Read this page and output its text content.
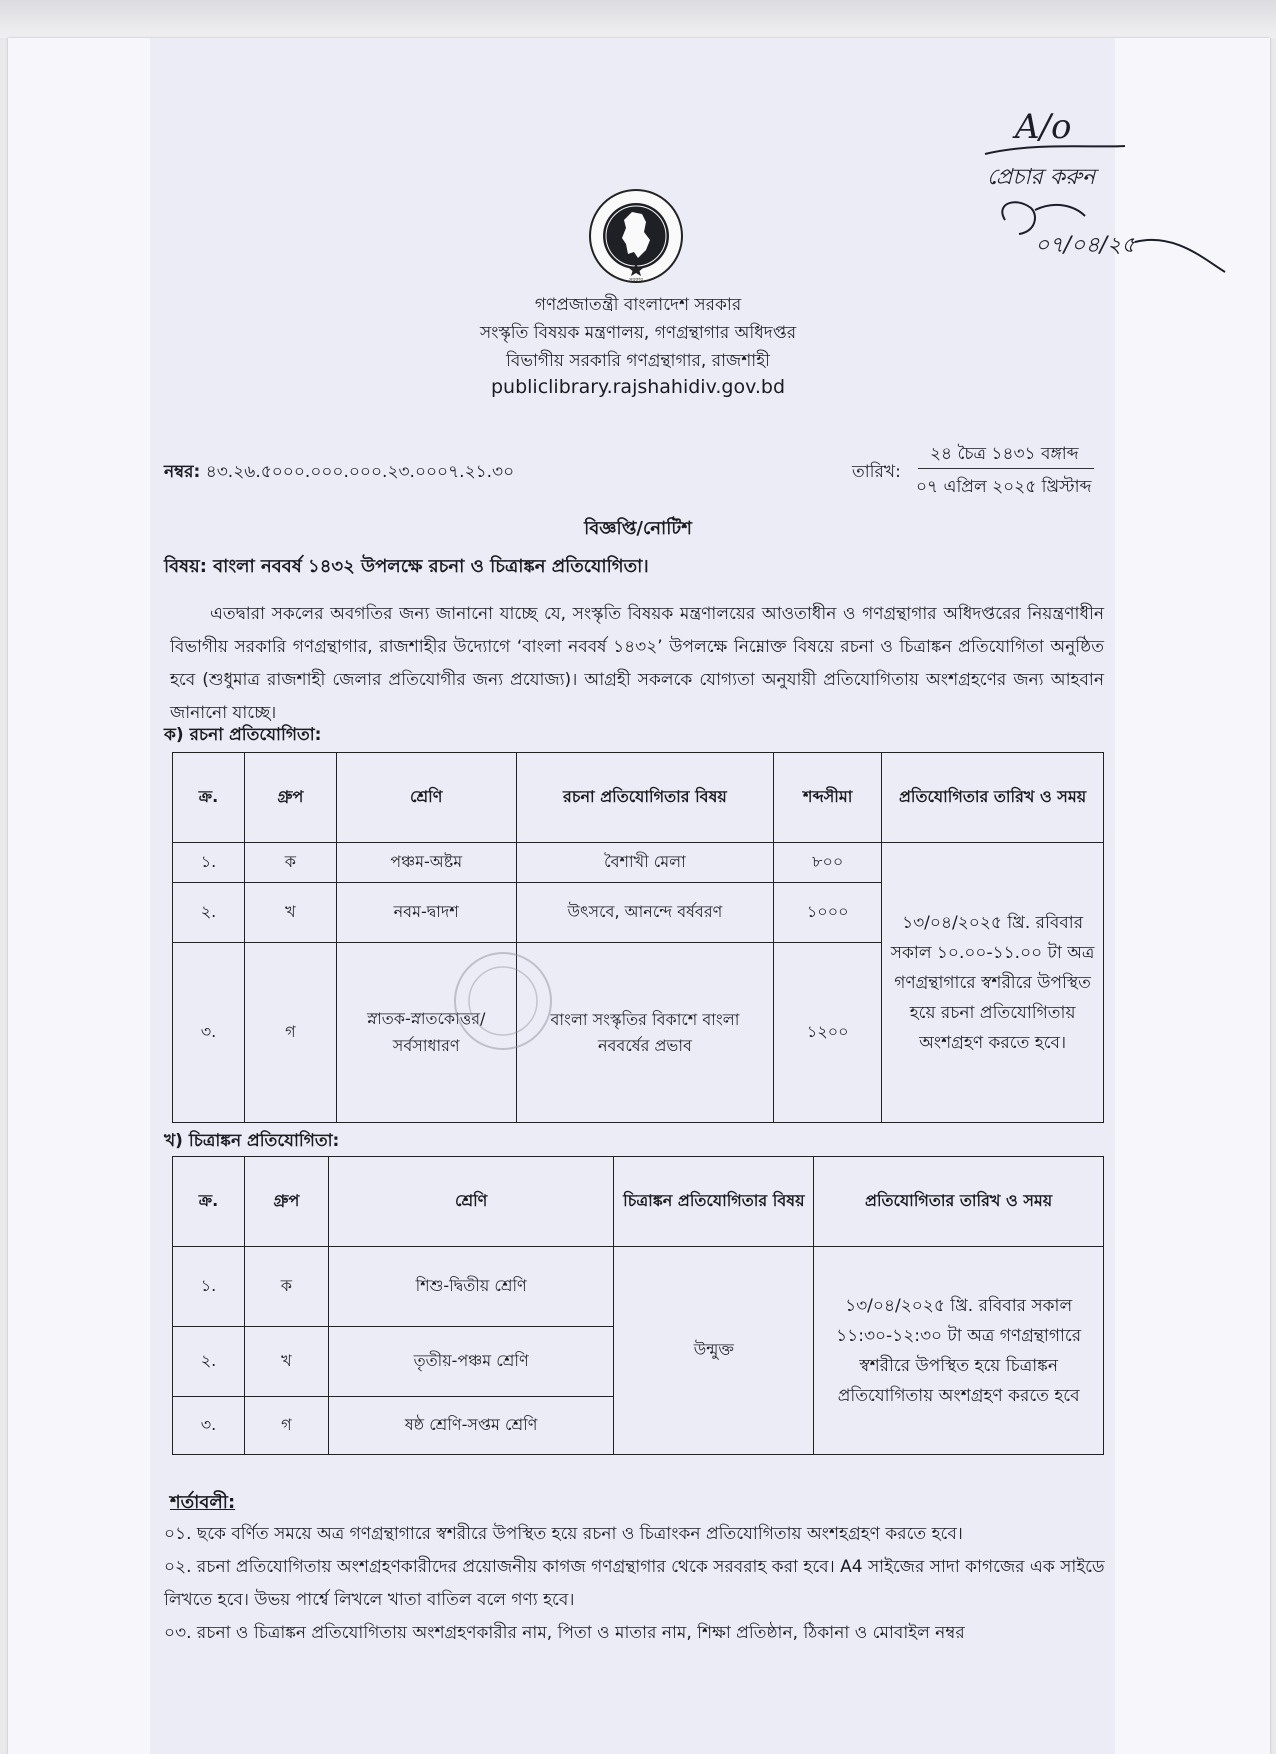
সরকার
গণপ্রজাতন্ত্রী বাংলাদেশ সরকার
সংস্কৃতি বিষয়ক মন্ত্রণালয়, গণগ্রন্থাগার অধিদপ্তর
বিভাগীয় সরকারি গণগ্রন্থাগার, রাজশাহী
publiclibrary.rajshahidiv.gov.bd
নম্বর: ৪৩.২৬.৫০০০.০০০.০০০.২৩.০০০৭.২১.৩০	তারিখ:
২৪ চৈত্র ১৪৩১ বঙ্গাব্দ
০৭ এপ্রিল ২০২৫ খ্রিস্টাব্দ
বিজ্ঞপ্তি/নোটিশ
বিষয়: বাংলা নববর্ষ ১৪৩২ উপলক্ষে রচনা ও চিত্রাঙ্কন প্রতিযোগিতা।
এতদ্বারা সকলের অবগতির জন্য জানানো যাচ্ছে যে, সংস্কৃতি বিষয়ক মন্ত্রণালয়ের আওতাধীন ও গণগ্রন্থাগার অধিদপ্তরের নিয়ন্ত্রণাধীন বিভাগীয় সরকারি গণগ্রন্থাগার, রাজশাহীর উদ্যোগে ‘বাংলা নববর্ষ ১৪৩২’ উপলক্ষে নিম্নোক্ত বিষয়ে রচনা ও চিত্রাঙ্কন প্রতিযোগিতা অনুষ্ঠিত হবে (শুধুমাত্র রাজশাহী জেলার প্রতিযোগীর জন্য প্রযোজ্য)। আগ্রহী সকলকে যোগ্যতা অনুযায়ী প্রতিযোগিতায় অংশগ্রহণের জন্য আহবান জানানো যাচ্ছে।
ক) রচনা প্রতিযোগিতা:
ক্র.	গ্রুপ	শ্রেণি	রচনা প্রতিযোগিতার বিষয়	শব্দসীমা	প্রতিযোগিতার তারিখ ও সময়
১.	ক	পঞ্চম-অষ্টম	বৈশাখী মেলা	৮০০	১৩/০৪/২০২৫ খ্রি. রবিবার সকাল ১০.০০-১১.০০ টা অত্র গণগ্রন্থাগারে স্বশরীরে উপস্থিত হয়ে রচনা প্রতিযোগিতায় অংশগ্রহণ করতে হবে।
২.	খ	নবম-দ্বাদশ	উৎসবে, আনন্দে বর্ষবরণ	১০০০	
৩.	গ	স্নাতক-স্নাতকোত্তর/সর্বসাধারণ	বাংলা সংস্কৃতির বিকাশে বাংলা নববর্ষের প্রভাব	১২০০	
খ) চিত্রাঙ্কন প্রতিযোগিতা:
ক্র.	গ্রুপ	শ্রেণি	চিত্রাঙ্কন প্রতিযোগিতার বিষয়	প্রতিযোগিতার তারিখ ও সময়
১.	ক	শিশু-দ্বিতীয় শ্রেণি	উন্মুক্ত	১৩/০৪/২০২৫ খ্রি. রবিবার সকাল ১১:৩০-১২:৩০ টা অত্র গণগ্রন্থাগারে স্বশরীরে উপস্থিত হয়ে চিত্রাঙ্কন প্রতিযোগিতায় অংশগ্রহণ করতে হবে
২.	খ	তৃতীয়-পঞ্চম শ্রেণি		
৩.	গ	ষষ্ঠ শ্রেণি-সপ্তম শ্রেণি		
শর্তাবলী:
০১. ছকে বর্ণিত সময়ে অত্র গণগ্রন্থাগারে স্বশরীরে উপস্থিত হয়ে রচনা ও চিত্রাংকন প্রতিযোগিতায় অংশহগ্রহণ করতে হবে।
০২. রচনা প্রতিযোগিতায় অংশগ্রহণকারীদের প্রয়োজনীয় কাগজ গণগ্রন্থাগার থেকে সরবরাহ করা হবে। A4 সাইজের সাদা কাগজের এক সাইডে লিখতে হবে। উভয় পার্শ্বে লিখলে খাতা বাতিল বলে গণ্য হবে।
০৩. রচনা ও চিত্রাঙ্কন প্রতিযোগিতায় অংশগ্রহণকারীর নাম, পিতা ও মাতার নাম, শিক্ষা প্রতিষ্ঠান, ঠিকানা ও মোবাইল নম্বর
A/o
প্রেচার করুন
০৭/০৪/২৫
